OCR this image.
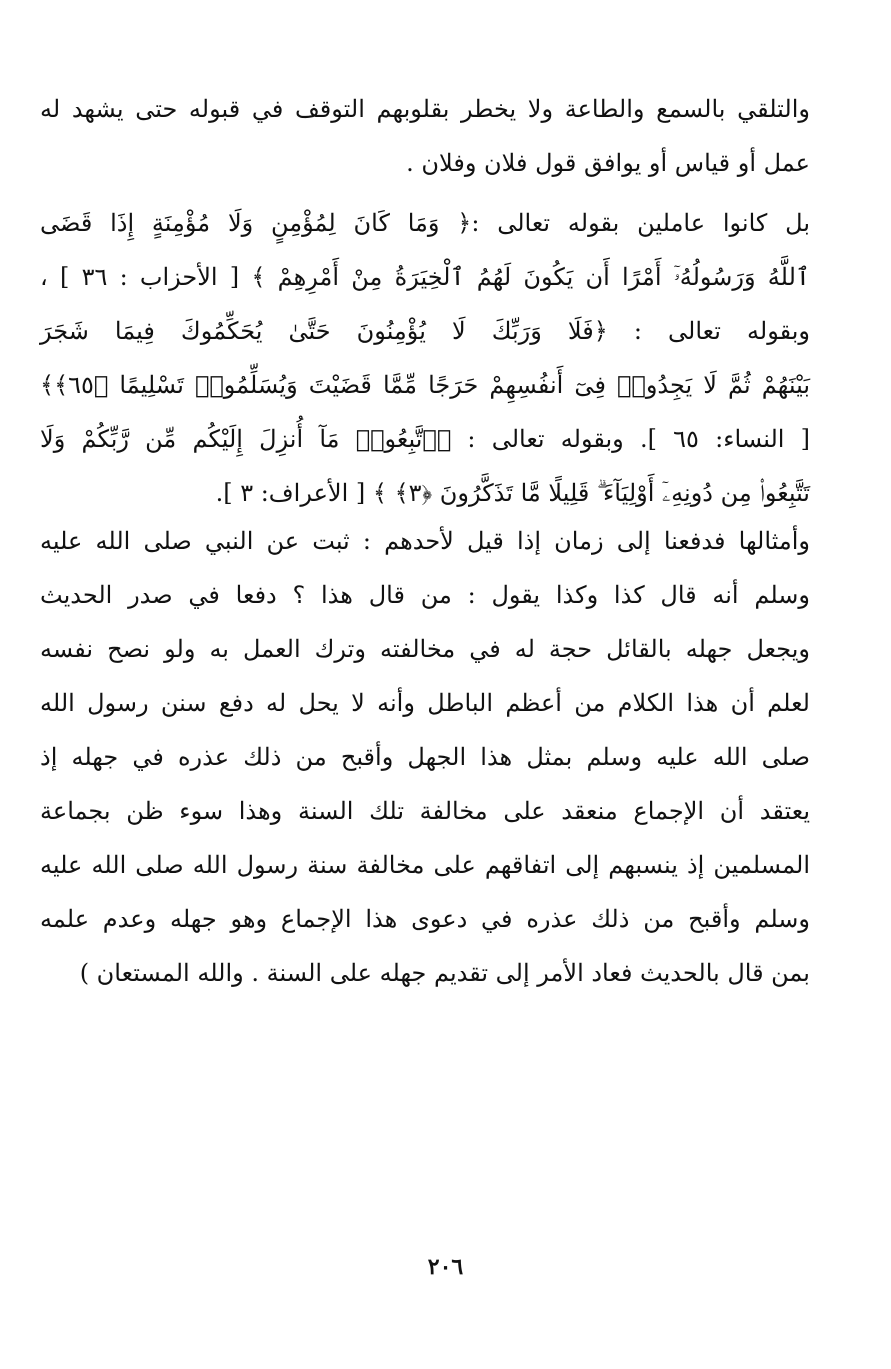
والتلقي بالسمع والطاعة ولا يخطر بقلوبهم التوقف في قبوله حتى يشهد له
عمل أو قياس أو يوافق قول فلان وفلان .
بل كانوا عاملين بقوله تعالى :﴿ وَمَا كَانَ لِمُؤْمِنٍ وَلَا مُؤْمِنَةٍ إِذَا قَضَى
ٱللَّهُ وَرَسُولُهُۥٓ أَمْرًا أَن يَكُونَ لَهُمُ ٱلْخِيَرَةُ مِنْ أَمْرِهِمْ ﴾ [ الأحزاب : ٣٦ ] ،
وبقوله تعالى : ﴿فَلَا وَرَبِّكَ لَا يُؤْمِنُونَ حَتَّىٰ يُحَكِّمُوكَ فِيمَا شَجَرَ
بَيْنَهُمْ ثُمَّ لَا يَجِدُوا۟ فِىٓ أَنفُسِهِمْ حَرَجًا مِّمَّا قَضَيْتَ وَيُسَلِّمُوا۟ تَسْلِيمًا ﴿٦٥﴾﴾
[ النساء: ٦٥ ]. وبقوله تعالى : ﴿ٱتَّبِعُوا۟ مَآ أُنزِلَ إِلَيْكُم مِّن رَّبِّكُمْ وَلَا
تَتَّبِعُوا۟ مِن دُونِهِۦٓ أَوْلِيَآءَ ۗ قَلِيلًا مَّا تَذَكَّرُونَ ﴿٣﴾ ﴾ [ الأعراف: ٣ ].
وأمثالها فدفعنا إلى زمان إذا قيل لأحدهم : ثبت عن النبي صلى الله عليه
وسلم أنه قال كذا وكذا يقول : من قال هذا ؟ دفعا في صدر الحديث
ويجعل جهله بالقائل حجة له في مخالفته وترك العمل به ولو نصح نفسه
لعلم أن هذا الكلام من أعظم الباطل وأنه لا يحل له دفع سنن رسول الله
صلى الله عليه وسلم بمثل هذا الجهل وأقبح من ذلك عذره في جهله إذ
يعتقد أن الإجماع منعقد على مخالفة تلك السنة وهذا سوء ظن بجماعة
المسلمين إذ ينسبهم إلى اتفاقهم على مخالفة سنة رسول الله صلى الله عليه
وسلم وأقبح من ذلك عذره في دعوى هذا الإجماع وهو جهله وعدم علمه
بمن قال بالحديث فعاد الأمر إلى تقديم جهله على السنة . والله المستعان )
٢٠٦
